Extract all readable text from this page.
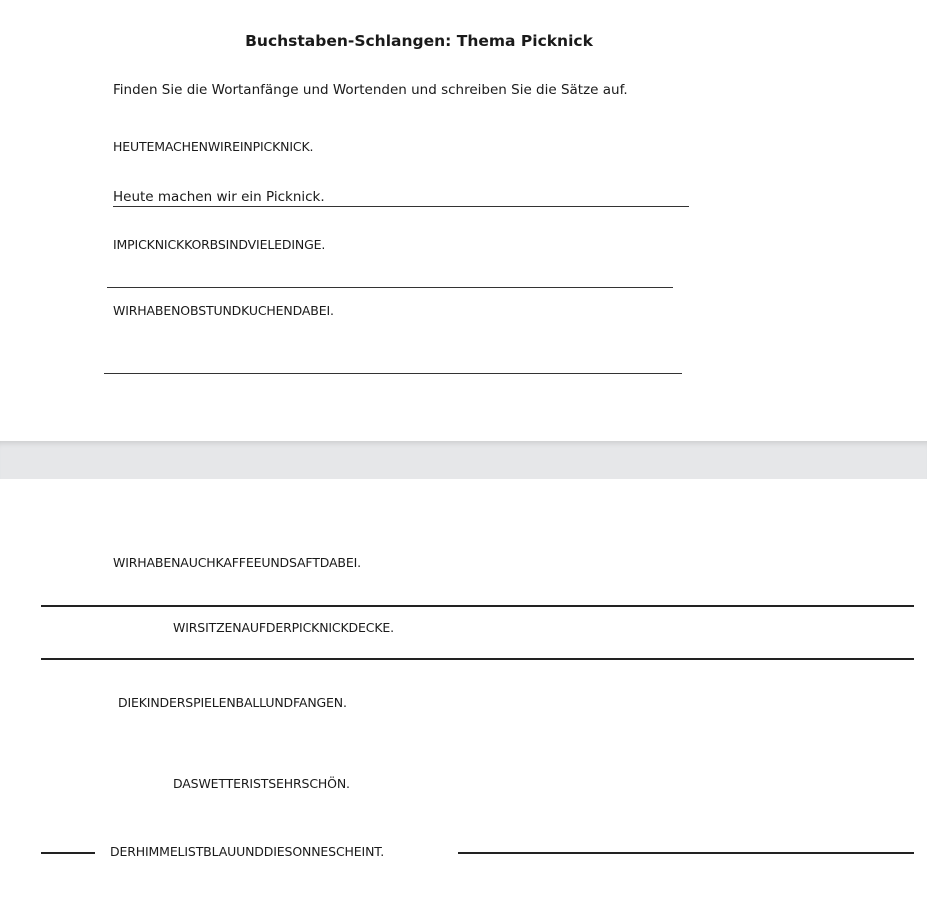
Buchstaben-Schlangen: Thema Picknick
Finden Sie die Wortanfänge und Wortenden und schreiben Sie die Sätze auf.
HEUTEMACHENWIREINPICKNICK.
Heute machen wir ein Picknick.
IMPICKNICKKORBSINDVIELEDINGE.
WIRHABENOBSTUNDKUCHENDABEI.
WIRHABENAUCHKAFFEEUNDSAFTDABEI.
WIRSITZENAUFDERPICKNICKDECKE.
DIEKINDERSPIELENBALLUNDFANGEN.
DASWETTERISTSEHRSCHÖN.
DERHIMMELISTBLAUUNDDIESONNESCHEINT.
